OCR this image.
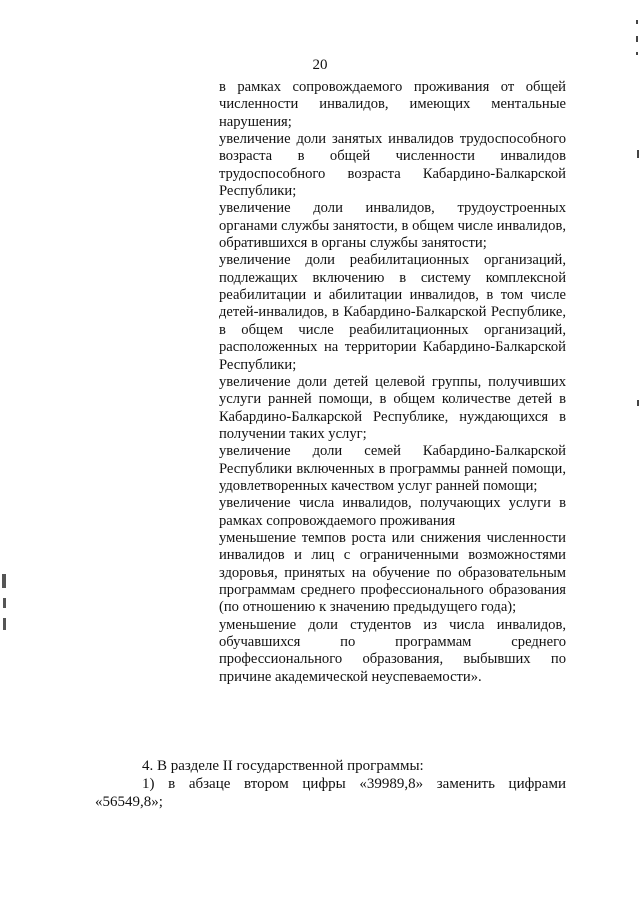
20
в рамках сопровождаемого проживания от общей численности инвалидов, имеющих ментальные нарушения;
увеличение доли занятых инвалидов трудоспособного возраста в общей численности инвалидов трудоспособного возраста Кабардино-Балкарской Республики;
увеличение доли инвалидов, трудоустроенных органами службы занятости, в общем числе инвалидов, обратившихся в органы службы занятости;
увеличение доли реабилитационных организаций, подлежащих включению в систему комплексной реабилитации и абилитации инвалидов, в том числе детей-инвалидов, в Кабардино-Балкарской Республике, в общем числе реабилитационных организаций, расположенных на территории Кабардино-Балкарской Республики;
увеличение доли детей целевой группы, получивших услуги ранней помощи, в общем количестве детей в Кабардино-Балкарской Республике, нуждающихся в получении таких услуг;
увеличение доли семей Кабардино-Балкарской Республики включенных в программы ранней помощи, удовлетворенных качеством услуг ранней помощи;
увеличение числа инвалидов, получающих услуги в рамках сопровождаемого проживания
уменьшение темпов роста или снижения численности инвалидов и лиц с ограниченными возможностями здоровья, принятых на обучение по образовательным программам среднего профессионального образования (по отношению к значению предыдущего года);
уменьшение доли студентов из числа инвалидов, обучавшихся по программам среднего профессионального образования, выбывших по причине академической неуспеваемости».
4. В разделе II государственной программы:
1) в абзаце втором цифры «39989,8» заменить цифрами «56549,8»;
